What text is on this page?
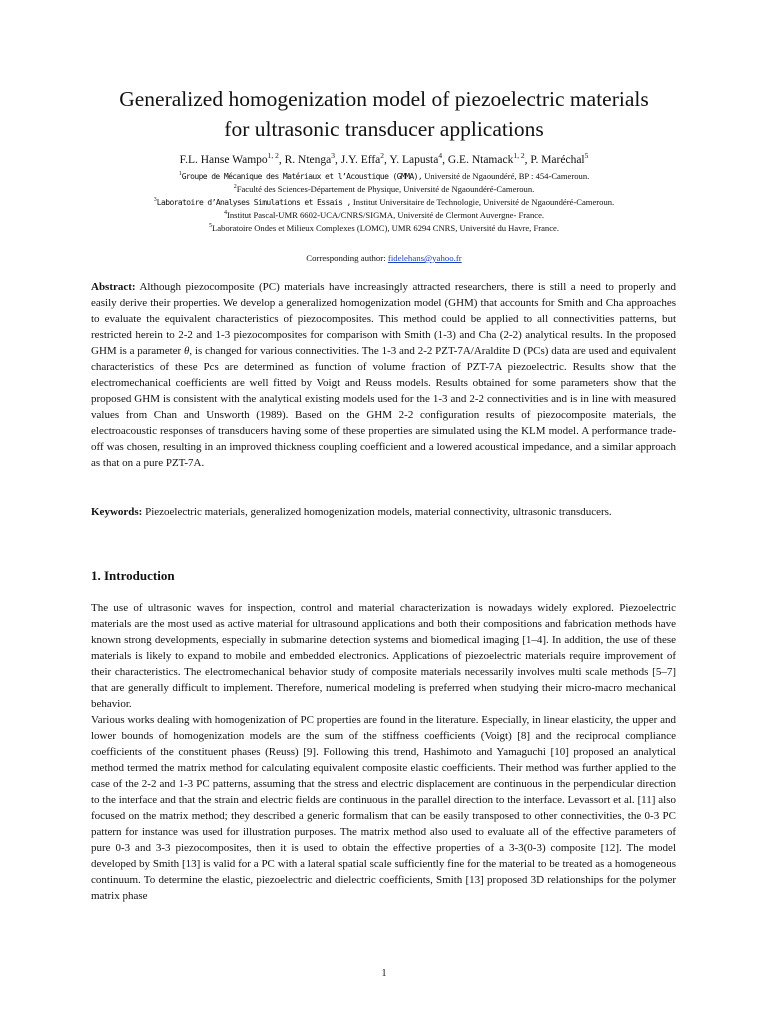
Generalized homogenization model of piezoelectric materials
for ultrasonic transducer applications
F.L. Hanse Wampo$^{1, 2}$, R. Ntenga$^3$, J.Y. Effa$^2$, Y. Lapusta$^4$, G.E. Ntamack$^{1, 2}$, P. Maréchal$^5$
$^1$Groupe de Mécanique des Matériaux et l’Acoustique (GMMA), Université de Ngaoundéré, BP : 454-Cameroun.
$^2$Faculté des Sciences-Département de Physique, Université de Ngaoundéré-Cameroun.
$^3$Laboratoire d’Analyses Simulations et Essais , Institut Universitaire de Technologie, Université de Ngaoundéré-Cameroun.
$^4$Institut Pascal-UMR 6602-UCA/CNRS/SIGMA, Université de Clermont Auvergne- France.
$^5$Laboratoire Ondes et Milieux Complexes (LOMC), UMR 6294 CNRS, Université du Havre, France.
Corresponding author: fidelehans@yahoo.fr
Abstract: Although piezocomposite (PC) materials have increasingly attracted researchers, there is still a need to properly and easily derive their properties. We develop a generalized homogenization model (GHM) that accounts for Smith and Cha approaches to evaluate the equivalent characteristics of piezocomposites. This method could be applied to all connectivities patterns, but restricted herein to 2-2 and 1-3 piezocomposites for comparison with Smith (1-3) and Cha (2-2) analytical results. In the proposed GHM is a parameter θ, is changed for various connectivities. The 1-3 and 2-2 PZT-7A/Araldite D (PCs) data are used and equivalent characteristics of these Pcs are determined as function of volume fraction of PZT-7A piezoelectric. Results show that the electromechanical coefficients are well fitted by Voigt and Reuss models. Results obtained for some parameters show that the proposed GHM is consistent with the analytical existing models used for the 1-3 and 2-2 connectivities and is in line with measured values from Chan and Unsworth (1989). Based on the GHM 2-2 configuration results of piezocomposite materials, the electroacoustic responses of transducers having some of these properties are simulated using the KLM model. A performance trade-off was chosen, resulting in an improved thickness coupling coefficient and a lowered acoustical impedance, and a similar approach as that on a pure PZT-7A.
Keywords: Piezoelectric materials, generalized homogenization models, material connectivity, ultrasonic transducers.
1. Introduction
The use of ultrasonic waves for inspection, control and material characterization is nowadays widely explored. Piezoelectric materials are the most used as active material for ultrasound applications and both their compositions and fabrication methods have known strong developments, especially in submarine detection systems and biomedical imaging [1–4]. In addition, the use of these materials is likely to expand to mobile and embedded electronics. Applications of piezoelectric materials require improvement of their characteristics. The electromechanical behavior study of composite materials necessarily involves multi scale methods [5–7] that are generally difficult to implement. Therefore, numerical modeling is preferred when studying their micro-macro mechanical behavior.
Various works dealing with homogenization of PC properties are found in the literature. Especially, in linear elasticity, the upper and lower bounds of homogenization models are the sum of the stiffness coefficients (Voigt) [8] and the reciprocal compliance coefficients of the constituent phases (Reuss) [9]. Following this trend, Hashimoto and Yamaguchi [10] proposed an analytical method termed the matrix method for calculating equivalent composite elastic coefficients. Their method was further applied to the case of the 2-2 and 1-3 PC patterns, assuming that the stress and electric displacement are continuous in the perpendicular direction to the interface and that the strain and electric fields are continuous in the parallel direction to the interface. Levassort et al. [11] also focused on the matrix method; they described a generic formalism that can be easily transposed to other connectivities, the 0-3 PC pattern for instance was used for illustration purposes. The matrix method also used to evaluate all of the effective parameters of pure 0-3 and 3-3 piezocomposites, then it is used to obtain the effective properties of a 3-3(0-3) composite [12]. The model developed by Smith [13] is valid for a PC with a lateral spatial scale sufficiently fine for the material to be treated as a homogeneous continuum. To determine the elastic, piezoelectric and dielectric coefficients, Smith [13] proposed 3D relationships for the polymer matrix phase
1
